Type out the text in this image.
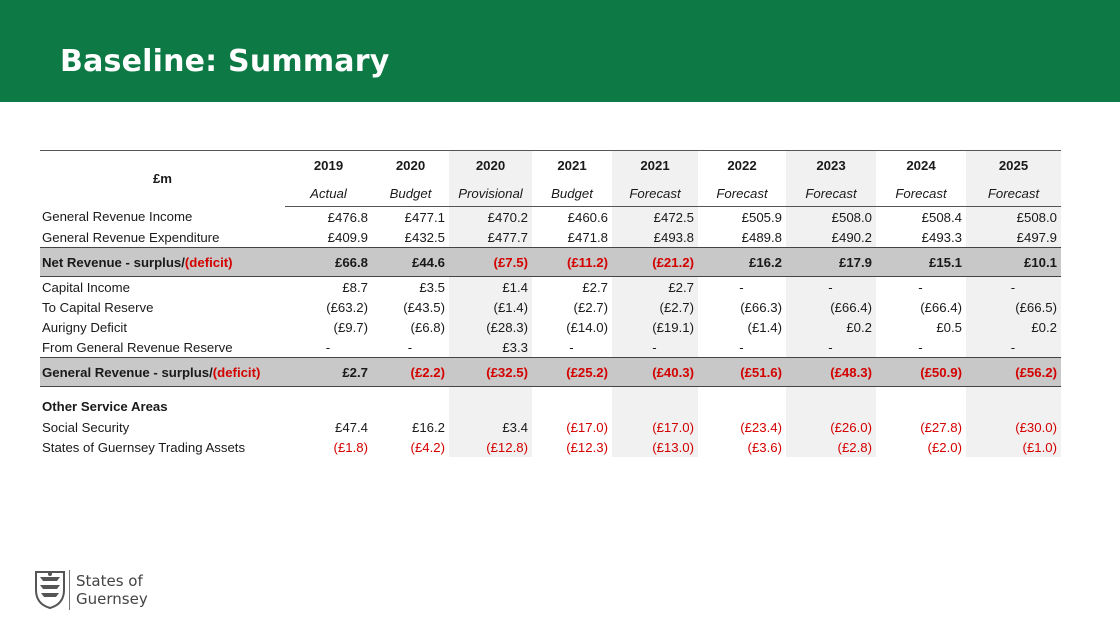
Baseline: Summary
£m	2019	2020	2020	2021	2021	2022	2023	2024	2025
	Actual	Budget	Provisional	Budget	Forecast	Forecast	Forecast	Forecast	Forecast
General Revenue Income	£476.8	£477.1	£470.2	£460.6	£472.5	£505.9	£508.0	£508.4	£508.0
General Revenue Expenditure	£409.9	£432.5	£477.7	£471.8	£493.8	£489.8	£490.2	£493.3	£497.9
Net Revenue - surplus/(deficit)	£66.8	£44.6	(£7.5)	(£11.2)	(£21.2)	£16.2	£17.9	£15.1	£10.1
Capital Income	£8.7	£3.5	£1.4	£2.7	£2.7	-	-	-	-
To Capital Reserve	(£63.2)	(£43.5)	(£1.4)	(£2.7)	(£2.7)	(£66.3)	(£66.4)	(£66.4)	(£66.5)
Aurigny Deficit	(£9.7)	(£6.8)	(£28.3)	(£14.0)	(£19.1)	(£1.4)	£0.2	£0.5	£0.2
From General Revenue Reserve	-	-	£3.3	-	-	-	-	-	-
General Revenue - surplus/(deficit)	£2.7	(£2.2)	(£32.5)	(£25.2)	(£40.3)	(£51.6)	(£48.3)	(£50.9)	(£56.2)

Other Service Areas									
Social Security	£47.4	£16.2	£3.4	(£17.0)	(£17.0)	(£23.4)	(£26.0)	(£27.8)	(£30.0)
States of Guernsey Trading Assets	(£1.8)	(£4.2)	(£12.8)	(£12.3)	(£13.0)	(£3.6)	(£2.8)	(£2.0)	(£1.0)
States of
Guernsey
